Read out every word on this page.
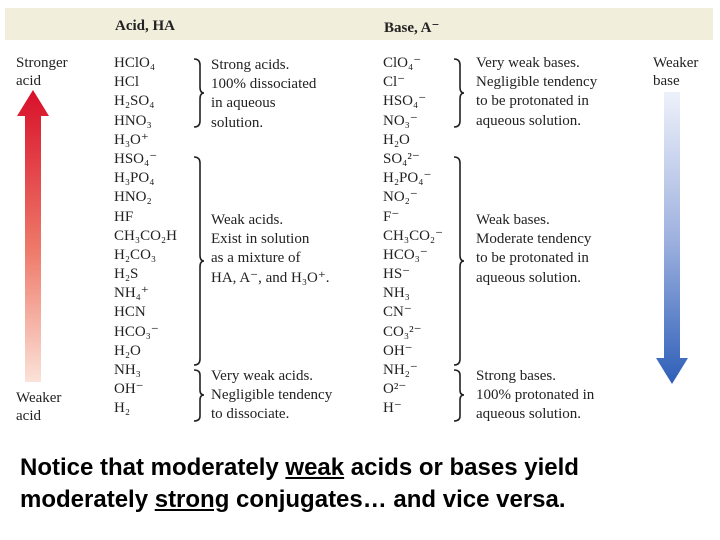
Acid, HA	Base, A⁻
Stronger
acid
Weaker
acid
Weaker
base
HClO₄
HCl
H₂SO₄
HNO₃
H₃O⁺
HSO₄⁻
H₃PO₄
HNO₂
HF
CH₃CO₂H
H₂CO₃
H₂S
NH₄⁺
HCN
HCO₃⁻
H₂O
NH₃
OH⁻
H₂
ClO₄⁻
Cl⁻
HSO₄⁻
NO₃⁻
H₂O
SO₄²⁻
H₂PO₄⁻
NO₂⁻
F⁻
CH₃CO₂⁻
HCO₃⁻
HS⁻
NH₃
CN⁻
CO₃²⁻
OH⁻
NH₂⁻
O²⁻
H⁻
Strong acids.
100% dissociated
in aqueous
solution.
Weak acids.
Exist in solution
as a mixture of
HA, A⁻, and H₃O⁺.
Very weak acids.
Negligible tendency
to dissociate.
Very weak bases.
Negligible tendency
to be protonated in
aqueous solution.
Weak bases.
Moderate tendency
to be protonated in
aqueous solution.
Strong bases.
100% protonated in
aqueous solution.
Notice that moderately weak acids or bases yield
moderately strong conjugates… and vice versa.
